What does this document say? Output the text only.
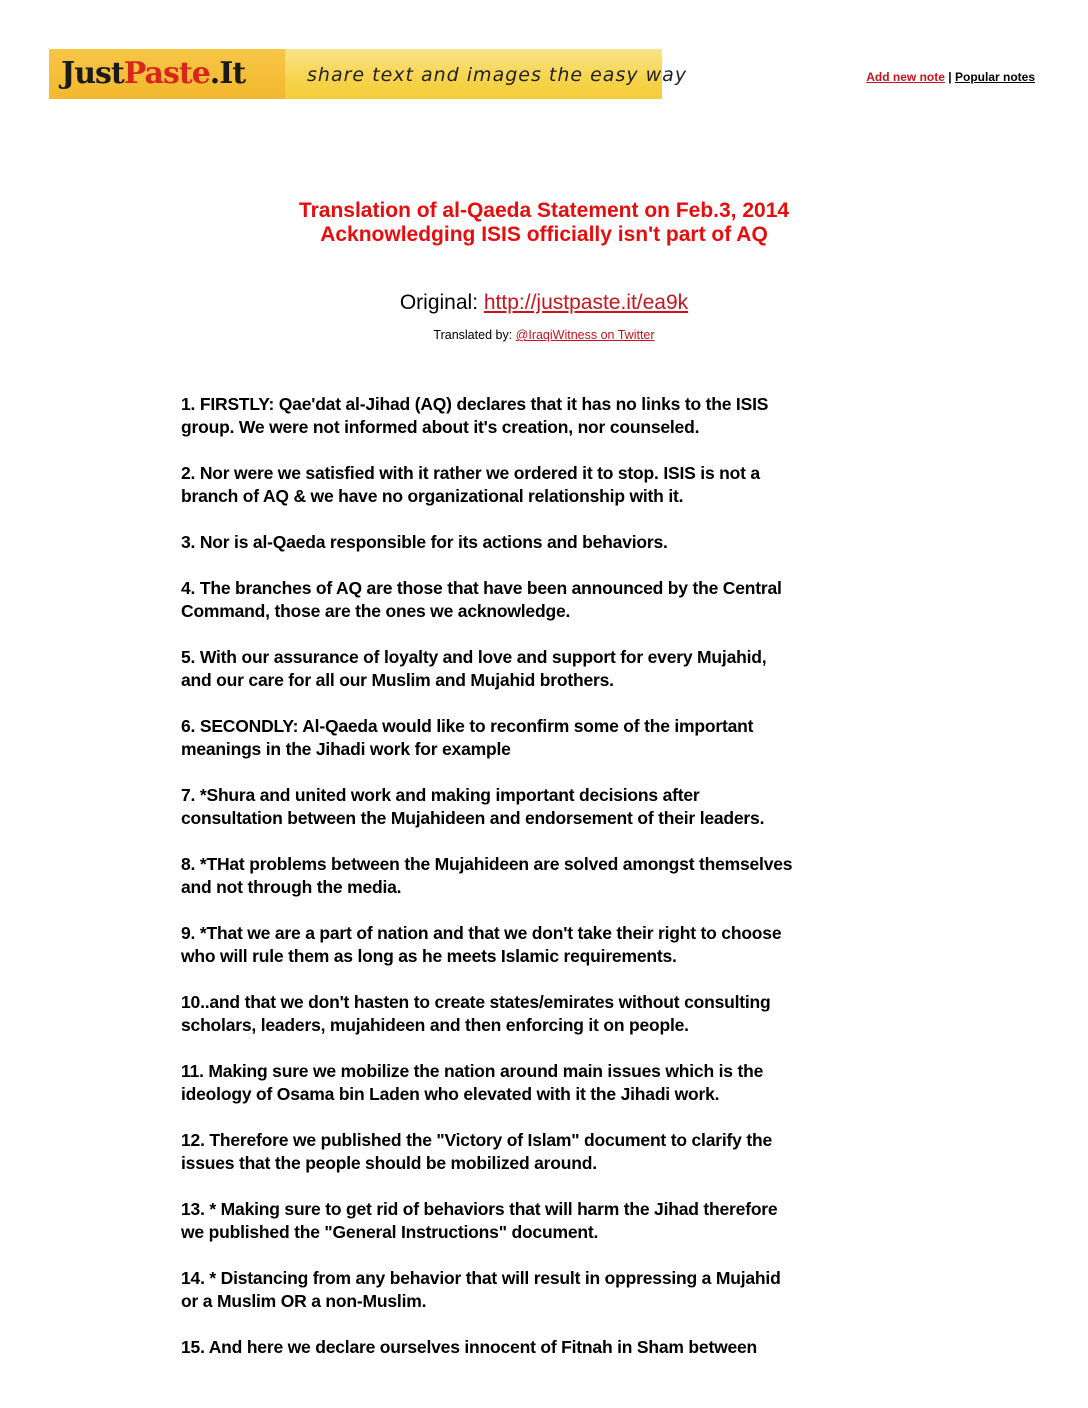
JustPaste.It	share text and images the easy way	Add new note | Popular notes
Translation of al-Qaeda Statement on Feb.3, 2014
Acknowledging ISIS officially isn't part of AQ
Original: http://justpaste.it/ea9k
Translated by: @IraqiWitness on Twitter

1. FIRSTLY: Qae'dat al-Jihad (AQ) declares that it has no links to the ISIS
group. We were not informed about it's creation, nor counseled.

2. Nor were we satisfied with it rather we ordered it to stop. ISIS is not a
branch of AQ & we have no organizational relationship with it.

3. Nor is al-Qaeda responsible for its actions and behaviors.

4. The branches of AQ are those that have been announced by the Central
Command, those are the ones we acknowledge.

5. With our assurance of loyalty and love and support for every Mujahid,
and our care for all our Muslim and Mujahid brothers.

6. SECONDLY: Al-Qaeda would like to reconfirm some of the important
meanings in the Jihadi work for example

7. *Shura and united work and making important decisions after
consultation between the Mujahideen and endorsement of their leaders.

8. *THat problems between the Mujahideen are solved amongst themselves
and not through the media.

9. *That we are a part of nation and that we don't take their right to choose
who will rule them as long as he meets Islamic requirements.

10..and that we don't hasten to create states/emirates without consulting
scholars, leaders, mujahideen and then enforcing it on people.

11. Making sure we mobilize the nation around main issues which is the
ideology of Osama bin Laden who elevated with it the Jihadi work.

12. Therefore we published the "Victory of Islam" document to clarify the
issues that the people should be mobilized around.

13. * Making sure to get rid of behaviors that will harm the Jihad therefore
we published the "General Instructions" document.

14. * Distancing from any behavior that will result in oppressing a Mujahid
or a Muslim OR a non-Muslim.

15. And here we declare ourselves innocent of Fitnah in Sham between
